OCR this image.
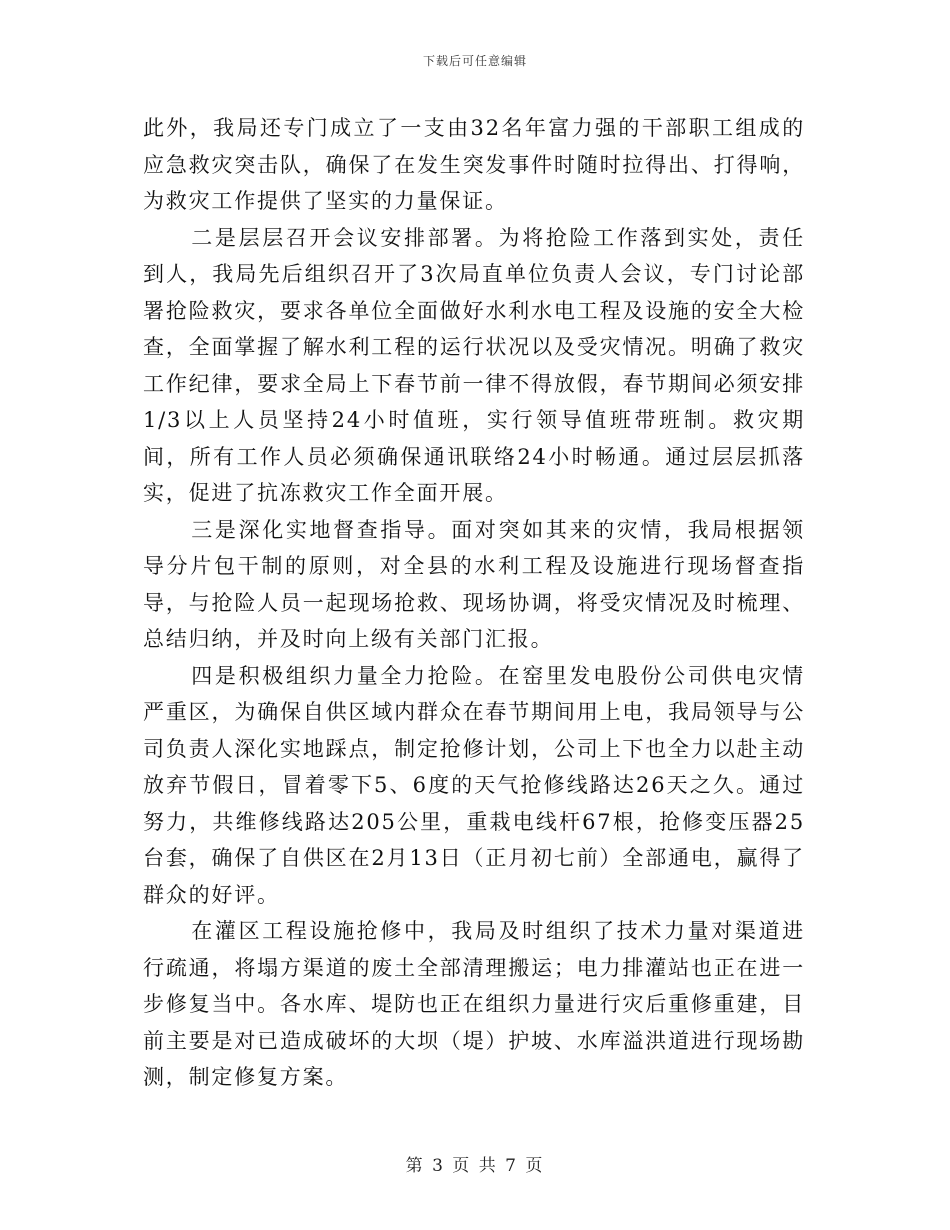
下载后可任意编辑

此外，我局还专门成立了一支由32名年富力强的干部职工组成的应急救灾突击队，确保了在发生突发事件时随时拉得出、打得响，为救灾工作提供了坚实的力量保证。

二是层层召开会议安排部署。为将抢险工作落到实处，责任到人，我局先后组织召开了3次局直单位负责人会议，专门讨论部署抢险救灾，要求各单位全面做好水利水电工程及设施的安全大检查，全面掌握了解水利工程的运行状况以及受灾情况。明确了救灾工作纪律，要求全局上下春节前一律不得放假，春节期间必须安排1/3以上人员坚持24小时值班，实行领导值班带班制。救灾期间，所有工作人员必须确保通讯联络24小时畅通。通过层层抓落实，促进了抗冻救灾工作全面开展。

三是深化实地督查指导。面对突如其来的灾情，我局根据领导分片包干制的原则，对全县的水利工程及设施进行现场督查指导，与抢险人员一起现场抢救、现场协调，将受灾情况及时梳理、总结归纳，并及时向上级有关部门汇报。

四是积极组织力量全力抢险。在窑里发电股份公司供电灾情严重区，为确保自供区域内群众在春节期间用上电，我局领导与公司负责人深化实地踩点，制定抢修计划，公司上下也全力以赴主动放弃节假日，冒着零下5、6度的天气抢修线路达26天之久。通过努力，共维修线路达205公里，重栽电线杆67根，抢修变压器25台套，确保了自供区在2月13日（正月初七前）全部通电，赢得了群众的好评。

在灌区工程设施抢修中，我局及时组织了技术力量对渠道进行疏通，将塌方渠道的废土全部清理搬运；电力排灌站也正在进一步修复当中。各水库、堤防也正在组织力量进行灾后重修重建，目前主要是对已造成破坏的大坝（堤）护坡、水库溢洪道进行现场勘测，制定修复方案。

第 3 页 共 7 页
